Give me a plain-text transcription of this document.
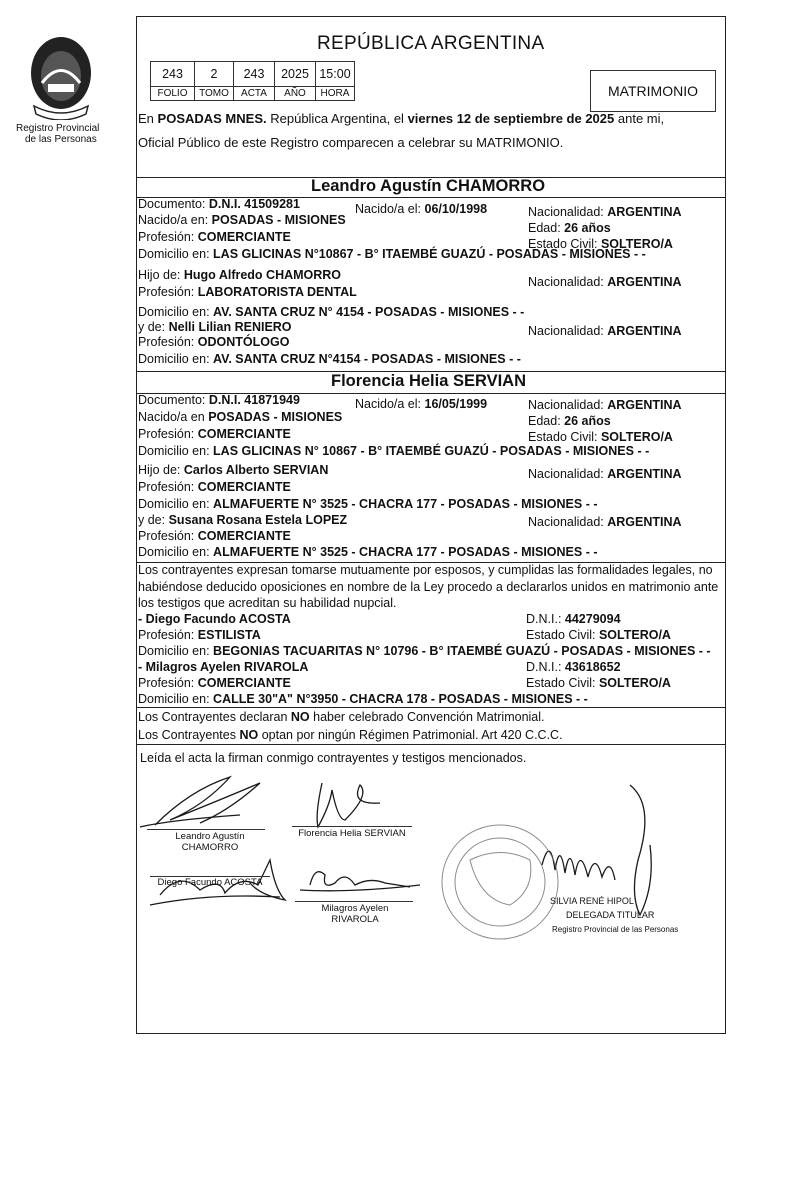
Registro Provincial
de las Personas
REPÚBLICA ARGENTINA
243	2	243	2025	15:00
FOLIO	TOMO	ACTA	AÑO	HORA	MATRIMONIO
En POSADAS MNES. República Argentina, el viernes 12 de septiembre de 2025 ante mi,
Oficial Público de este Registro comparecen a celebrar su MATRIMONIO.
Leandro Agustín CHAMORRO
Documento: D.N.I. 41509281	Nacido/a el: 06/10/1998	Nacionalidad: ARGENTINA
Nacido/a en: POSADAS - MISIONES
Edad: 26 años
Profesión: COMERCIANTE	Estado Civil: SOLTERO/A
Domicilio en: LAS GLICINAS N°10867 - B° ITAEMBÉ GUAZÚ - POSADAS - MISIONES - -
Hijo de: Hugo Alfredo CHAMORRO	Nacionalidad: ARGENTINA
Profesión: LABORATORISTA DENTAL
Domicilio en: AV. SANTA CRUZ N° 4154 - POSADAS - MISIONES - -
y de: Nelli Lilian RENIERO	Nacionalidad: ARGENTINA
Profesión: ODONTÓLOGO
Domicilio en: AV. SANTA CRUZ N°4154 - POSADAS - MISIONES - -
Florencia Helia SERVIAN
Documento: D.N.I. 41871949	Nacido/a el: 16/05/1999	Nacionalidad: ARGENTINA
Nacido/a en POSADAS - MISIONES	Edad: 26 años
Profesión: COMERCIANTE	Estado Civil: SOLTERO/A
Domicilio en: LAS GLICINAS N° 10867 - B° ITAEMBÉ GUAZÚ - POSADAS - MISIONES - -
Hijo de: Carlos Alberto SERVIAN	Nacionalidad: ARGENTINA
Profesión: COMERCIANTE
Domicilio en: ALMAFUERTE N° 3525 - CHACRA 177 - POSADAS - MISIONES - -
y de: Susana Rosana Estela LOPEZ	Nacionalidad: ARGENTINA
Profesión: COMERCIANTE
Domicilio en: ALMAFUERTE N° 3525 - CHACRA 177 - POSADAS - MISIONES - -
Los contrayentes expresan tomarse mutuamente por esposos, y cumplidas las formalidades legales, no habiéndose deducido oposiciones en nombre de la Ley procedo a declararlos unidos en matrimonio ante los testigos que acreditan su habilidad nupcial.
- Diego Facundo ACOSTA	D.N.I.: 44279094
Profesión: ESTILISTA	Estado Civil: SOLTERO/A
Domicilio en: BEGONIAS TACUARITAS N° 10796 - B° ITAEMBÉ GUAZÚ - POSADAS - MISIONES - -
- Milagros Ayelen RIVAROLA	D.N.I.: 43618652
Profesión: COMERCIANTE	Estado Civil: SOLTERO/A
Domicilio en: CALLE 30"A" N°3950 - CHACRA 178 - POSADAS - MISIONES - -
Los Contrayentes declaran NO haber celebrado Convención Matrimonial.
Los Contrayentes NO optan por ningún Régimen Patrimonial. Art 420 C.C.C.
Leída el acta la firman conmigo contrayentes y testigos mencionados.
Leandro Agustín
CHAMORRO
Florencia Helia SERVIAN
Diego Facundo ACOSTA
Milagros Ayelen
RIVAROLA
SILVIA RENÉ HIPOL
DELEGADA TITULAR
Registro Provincial de las Personas
